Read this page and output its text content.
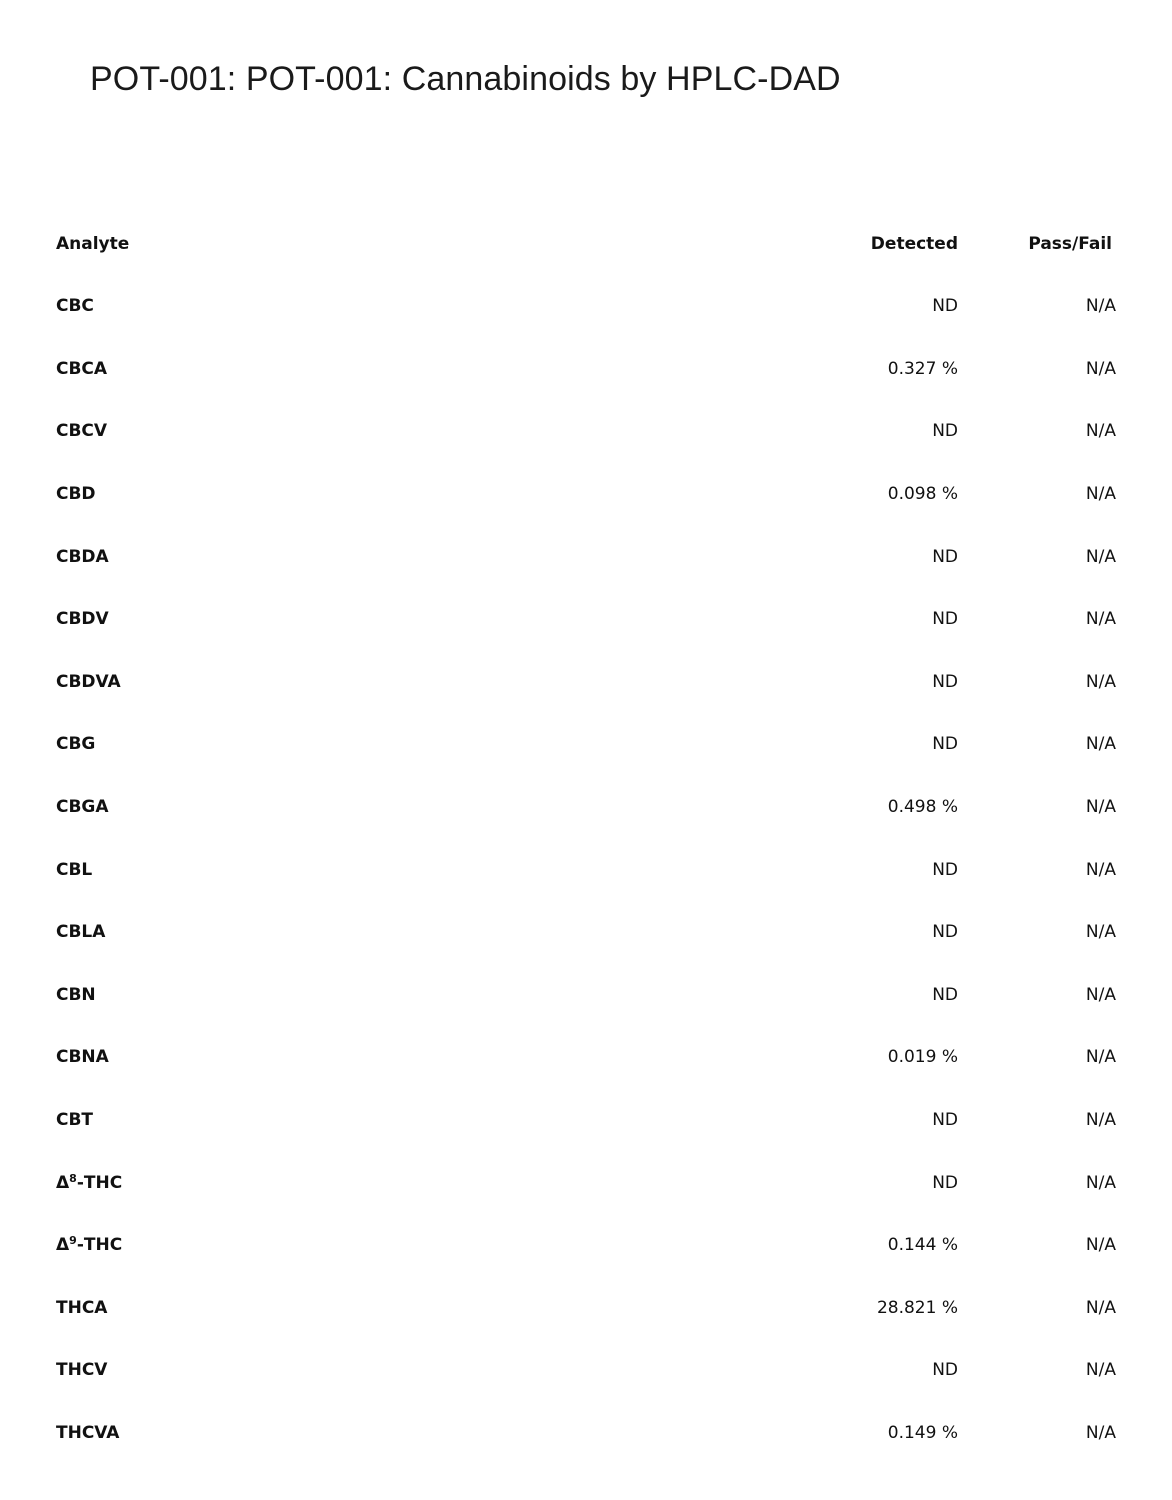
POT-001: POT-001: Cannabinoids by HPLC-DAD
Analyte	Detected	Pass/Fail
CBC	ND	N/A
CBCA	0.327 %	N/A
CBCV	ND	N/A
CBD	0.098 %	N/A
CBDA	ND	N/A
CBDV	ND	N/A
CBDVA	ND	N/A
CBG	ND	N/A
CBGA	0.498 %	N/A
CBL	ND	N/A
CBLA	ND	N/A
CBN	ND	N/A
CBNA	0.019 %	N/A
CBT	ND	N/A
$\Delta^8$-THC	ND	N/A
$\Delta^9$-THC	0.144 %	N/A
THCA	28.821 %	N/A
THCV	ND	N/A
THCVA	0.149 %	N/A
